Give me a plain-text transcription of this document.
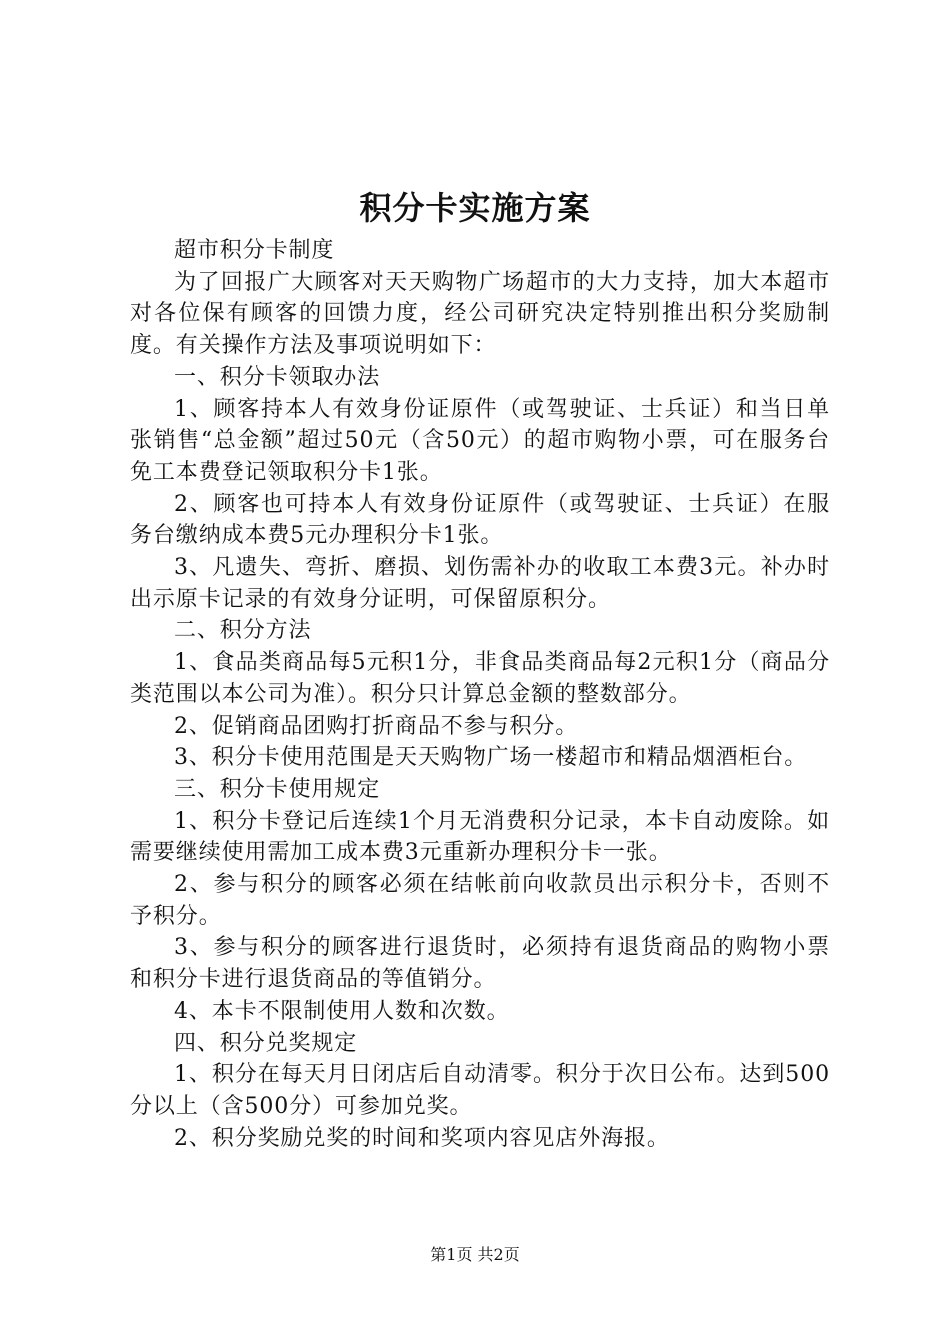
积分卡实施方案

超市积分卡制度

为了回报广大顾客对天天购物广场超市的大力支持，加大本超市对各位保有顾客的回馈力度，经公司研究决定特别推出积分奖励制度。有关操作方法及事项说明如下：

一、积分卡领取办法

1、顾客持本人有效身份证原件（或驾驶证、士兵证）和当日单张销售“总金额”超过50元（含50元）的超市购物小票，可在服务台免工本费登记领取积分卡1张。

2、顾客也可持本人有效身份证原件（或驾驶证、士兵证）在服务台缴纳成本费5元办理积分卡1张。

3、凡遗失、弯折、磨损、划伤需补办的收取工本费3元。补办时出示原卡记录的有效身分证明，可保留原积分。

二、积分方法

1、食品类商品每5元积1分，非食品类商品每2元积1分（商品分类范围以本公司为准）。积分只计算总金额的整数部分。

2、促销商品团购打折商品不参与积分。

3、积分卡使用范围是天天购物广场一楼超市和精品烟酒柜台。

三、积分卡使用规定

1、积分卡登记后连续1个月无消费积分记录，本卡自动废除。如需要继续使用需加工成本费3元重新办理积分卡一张。

2、参与积分的顾客必须在结帐前向收款员出示积分卡，否则不予积分。

3、参与积分的顾客进行退货时，必须持有退货商品的购物小票和积分卡进行退货商品的等值销分。

4、本卡不限制使用人数和次数。

四、积分兑奖规定

1、积分在每天月日闭店后自动清零。积分于次日公布。达到500分以上（含500分）可参加兑奖。

2、积分奖励兑奖的时间和奖项内容见店外海报。

第1页 共2页
